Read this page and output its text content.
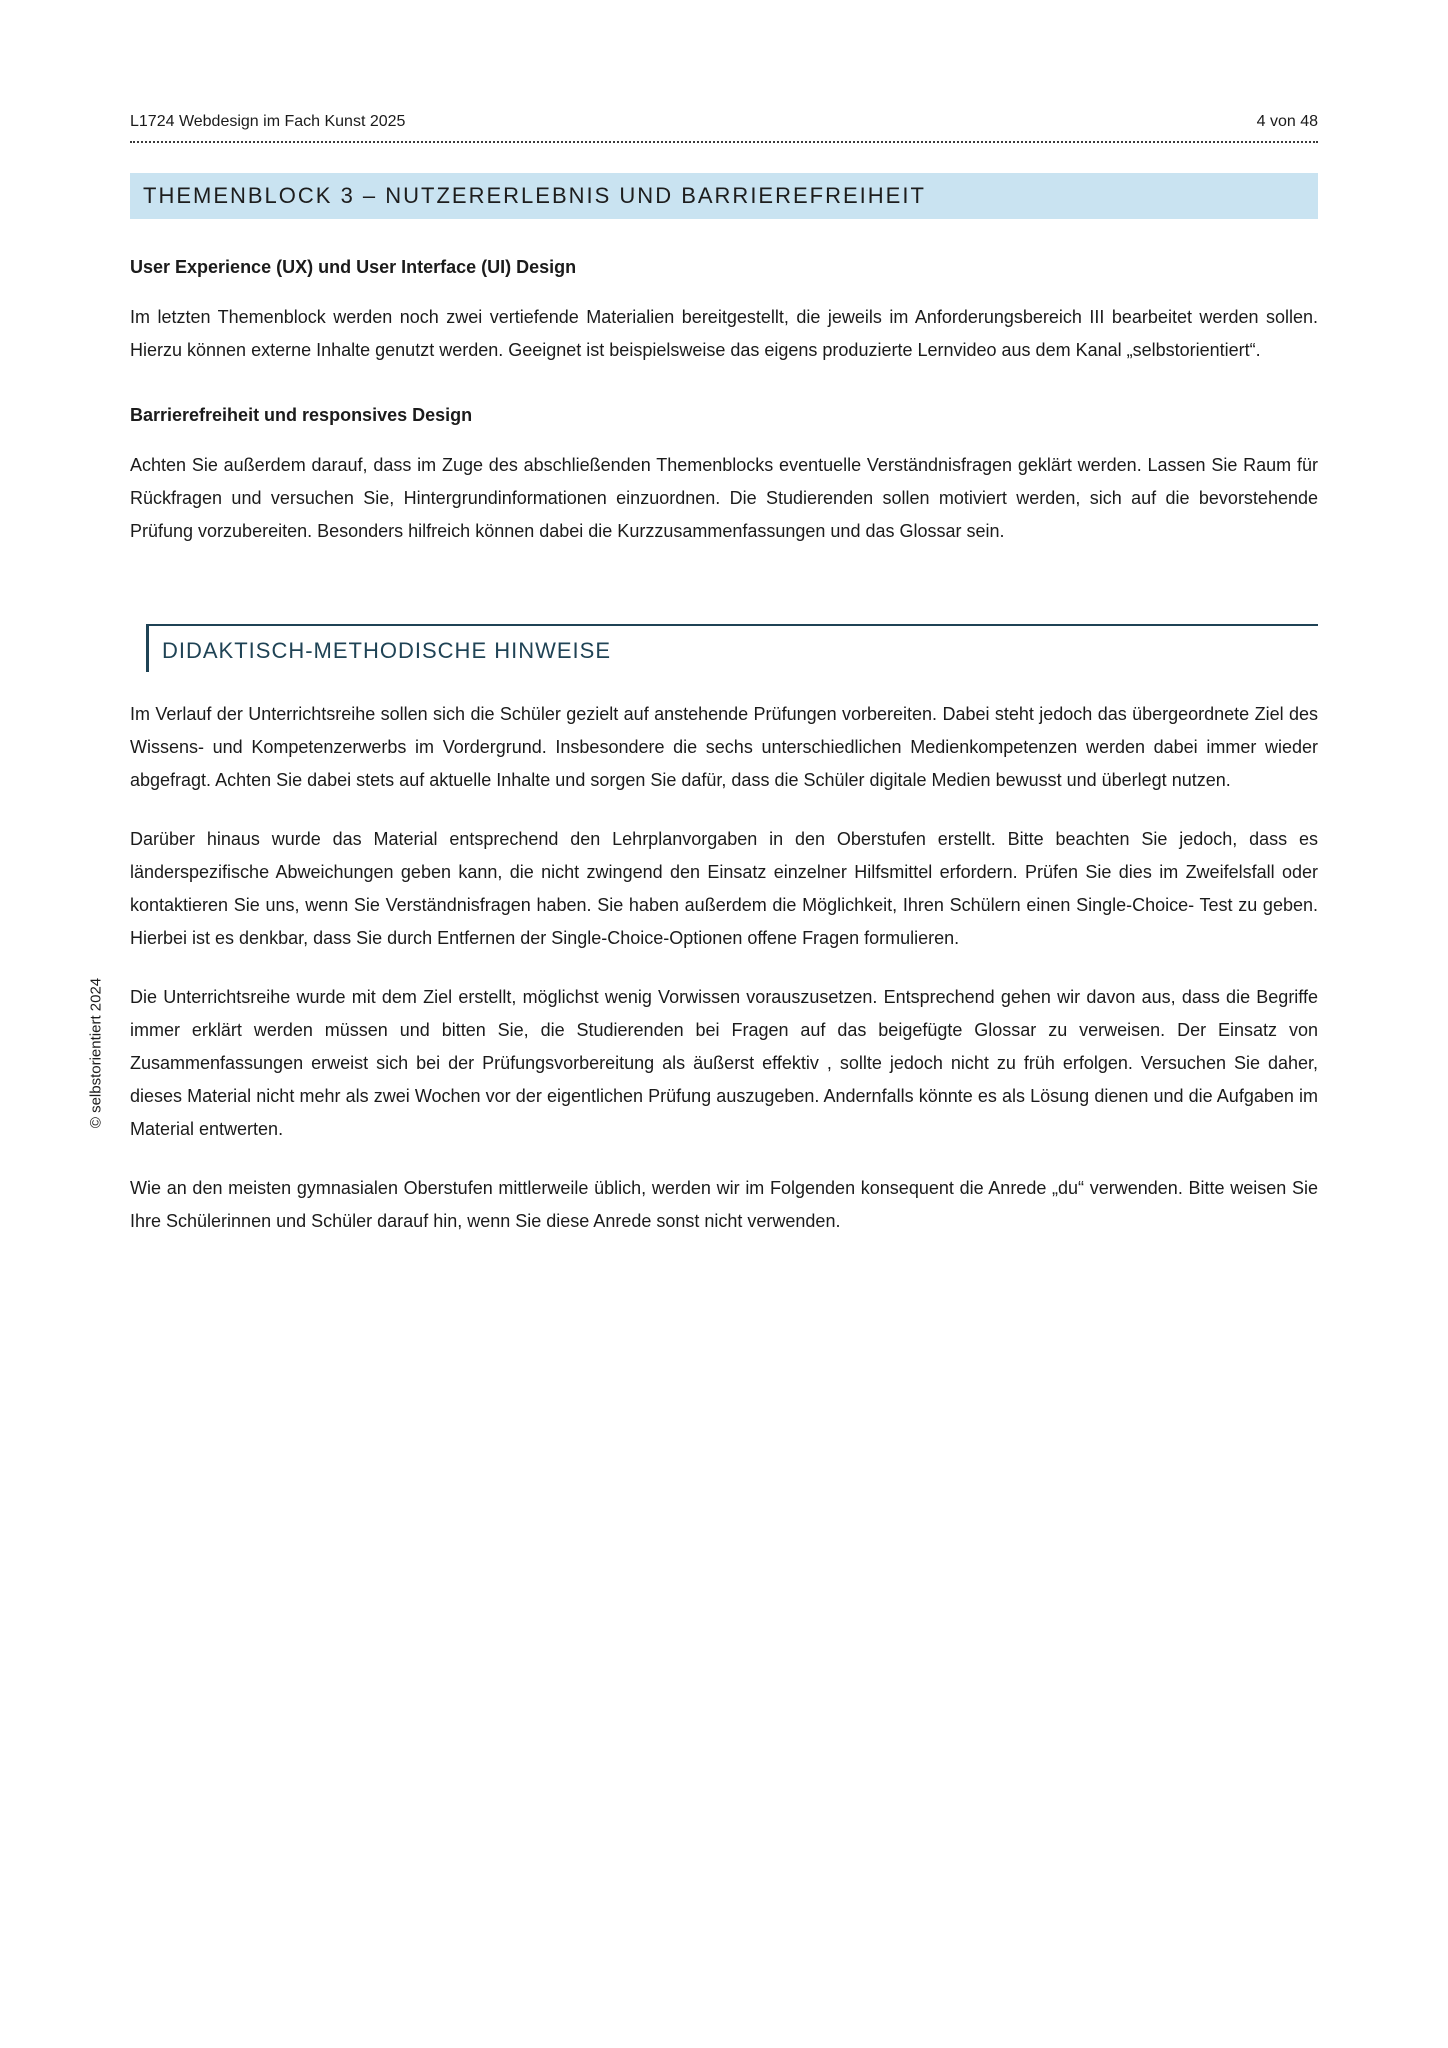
L1724 Webdesign im Fach Kunst 2025	4 von 48
THEMENBLOCK 3 – NUTZERERLEBNIS UND BARRIEREFREIHEIT
User Experience (UX) und User Interface (UI) Design

Im letzten Themenblock werden noch zwei vertiefende Materialien bereitgestellt, die jeweils im Anforderungsbereich III bearbeitet werden sollen. Hierzu können externe Inhalte genutzt werden. Geeignet ist beispielsweise das eigens produzierte Lernvideo aus dem Kanal „selbstorientiert“.

Barrierefreiheit und responsives Design

Achten Sie außerdem darauf, dass im Zuge des abschließenden Themenblocks eventuelle Verständnisfragen geklärt werden. Lassen Sie Raum für Rückfragen und versuchen Sie, Hintergrundinformationen einzuordnen. Die Studierenden sollen motiviert werden, sich auf die bevorstehende Prüfung vorzubereiten. Besonders hilfreich können dabei die Kurzzusammenfassungen und das Glossar sein.

DIDAKTISCH-METHODISCHE HINWEISE

Im Verlauf der Unterrichtsreihe sollen sich die Schüler gezielt auf anstehende Prüfungen vorbereiten. Dabei steht jedoch das übergeordnete Ziel des Wissens- und Kompetenzerwerbs im Vordergrund. Insbesondere die sechs unterschiedlichen Medienkompetenzen werden dabei immer wieder abgefragt. Achten Sie dabei stets auf aktuelle Inhalte und sorgen Sie dafür, dass die Schüler digitale Medien bewusst und überlegt nutzen.

Darüber hinaus wurde das Material entsprechend den Lehrplanvorgaben in den Oberstufen erstellt. Bitte beachten Sie jedoch, dass es länderspezifische Abweichungen geben kann, die nicht zwingend den Einsatz einzelner Hilfsmittel erfordern. Prüfen Sie dies im Zweifelsfall oder kontaktieren Sie uns, wenn Sie Verständnisfragen haben. Sie haben außerdem die Möglichkeit, Ihren Schülern einen Single-Choice- Test zu geben. Hierbei ist es denkbar, dass Sie durch Entfernen der Single-Choice-Optionen offene Fragen formulieren.

Die Unterrichtsreihe wurde mit dem Ziel erstellt, möglichst wenig Vorwissen vorauszusetzen. Entsprechend gehen wir davon aus, dass die Begriffe immer erklärt werden müssen und bitten Sie, die Studierenden bei Fragen auf das beigefügte Glossar zu verweisen. Der Einsatz von Zusammenfassungen erweist sich bei der Prüfungsvorbereitung als äußerst effektiv , sollte jedoch nicht zu früh erfolgen. Versuchen Sie daher, dieses Material nicht mehr als zwei Wochen vor der eigentlichen Prüfung auszugeben. Andernfalls könnte es als Lösung dienen und die Aufgaben im Material entwerten.

Wie an den meisten gymnasialen Oberstufen mittlerweile üblich, werden wir im Folgenden konsequent die Anrede „du“ verwenden. Bitte weisen Sie Ihre Schülerinnen und Schüler darauf hin, wenn Sie diese Anrede sonst nicht verwenden.

© selbstorientiert 2024
